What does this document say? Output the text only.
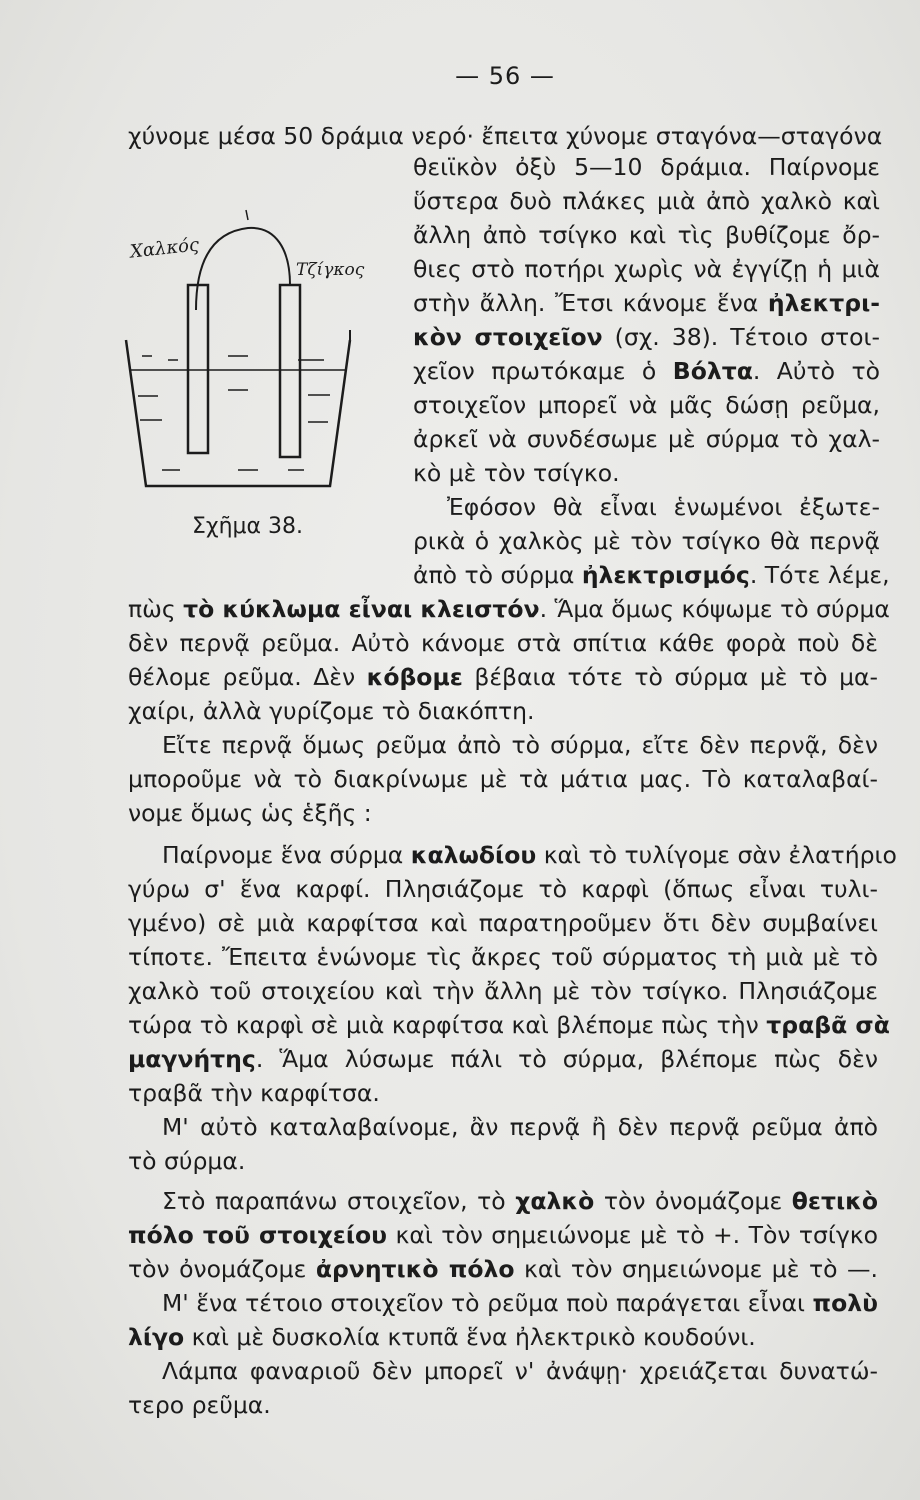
— 56 —
χύνομε μέσα 50 δράμια νερό· ἔπειτα χύνομε σταγόνα—σταγόνα
Χαλκός
Τζίγκος
Σχῆμα 38.
θειϊκὸν ὀξὺ 5—10 δράμια. Παίρνομε
ὕστερα δυὸ πλάκες μιὰ ἀπὸ χαλκὸ καὶ
ἄλλη ἀπὸ τσίγκο καὶ τὶς βυθίζομε ὄρ-
θιες στὸ ποτήρι χωρὶς νὰ ἐγγίζῃ ἡ μιὰ
στὴν ἄλλη. Ἔτσι κάνομε ἕνα ἠλεκτρι-
κὸν στοιχεῖον (σχ. 38). Τέτοιο στοι-
χεῖον πρωτόκαμε ὁ Βόλτα. Αὐτὸ τὸ
στοιχεῖον μπορεῖ νὰ μᾶς δώσῃ ρεῦμα,
ἀρκεῖ νὰ συνδέσωμε μὲ σύρμα τὸ χαλ-
κὸ μὲ τὸν τσίγκο.
Ἐφόσον θὰ εἶναι ἑνωμένοι ἐξωτε-
ρικὰ ὁ χαλκὸς μὲ τὸν τσίγκο θὰ περνᾷ
ἀπὸ τὸ σύρμα ἠλεκτρισμός. Τότε λέμε,
πὼς τὸ κύκλωμα εἶναι κλειστόν. Ἅμα ὅμως κόψωμε τὸ σύρμα
δὲν περνᾷ ρεῦμα. Αὐτὸ κάνομε στὰ σπίτια κάθε φορὰ ποὺ δὲ
θέλομε ρεῦμα. Δὲν κόβομε βέβαια τότε τὸ σύρμα μὲ τὸ μα-
χαίρι, ἀλλὰ γυρίζομε τὸ διακόπτη.
Εἴτε περνᾷ ὅμως ρεῦμα ἀπὸ τὸ σύρμα, εἴτε δὲν περνᾷ, δὲν
μποροῦμε νὰ τὸ διακρίνωμε μὲ τὰ μάτια μας. Τὸ καταλαβαί-
νομε ὅμως ὡς ἑξῆς :
Παίρνομε ἕνα σύρμα καλωδίου καὶ τὸ τυλίγομε σὰν ἐλατήριο
γύρω σ' ἕνα καρφί. Πλησιάζομε τὸ καρφὶ (ὅπως εἶναι τυλι-
γμένο) σὲ μιὰ καρφίτσα καὶ παρατηροῦμεν ὅτι δὲν συμβαίνει
τίποτε. Ἔπειτα ἑνώνομε τὶς ἄκρες τοῦ σύρματος τὴ μιὰ μὲ τὸ
χαλκὸ τοῦ στοιχείου καὶ τὴν ἄλλη μὲ τὸν τσίγκο. Πλησιάζομε
τώρα τὸ καρφὶ σὲ μιὰ καρφίτσα καὶ βλέπομε πὼς τὴν τραβᾶ σὰ
μαγνήτης. Ἅμα λύσωμε πάλι τὸ σύρμα, βλέπομε πὼς δὲν
τραβᾶ τὴν καρφίτσα.
Μ' αὐτὸ καταλαβαίνομε, ἂν περνᾷ ἢ δὲν περνᾷ ρεῦμα ἀπὸ
τὸ σύρμα.
Στὸ παραπάνω στοιχεῖον, τὸ χαλκὸ τὸν ὀνομάζομε θετικὸ
πόλο τοῦ στοιχείου καὶ τὸν σημειώνομε μὲ τὸ +. Τὸν τσίγκο
τὸν ὀνομάζομε ἀρνητικὸ πόλο καὶ τὸν σημειώνομε μὲ τὸ —.
Μ' ἕνα τέτοιο στοιχεῖον τὸ ρεῦμα ποὺ παράγεται εἶναι πολὺ
λίγο καὶ μὲ δυσκολία κτυπᾶ ἕνα ἠλεκτρικὸ κουδούνι.
Λάμπα φαναριοῦ δὲν μπορεῖ ν' ἀνάψῃ· χρειάζεται δυνατώ-
τερο ρεῦμα.
